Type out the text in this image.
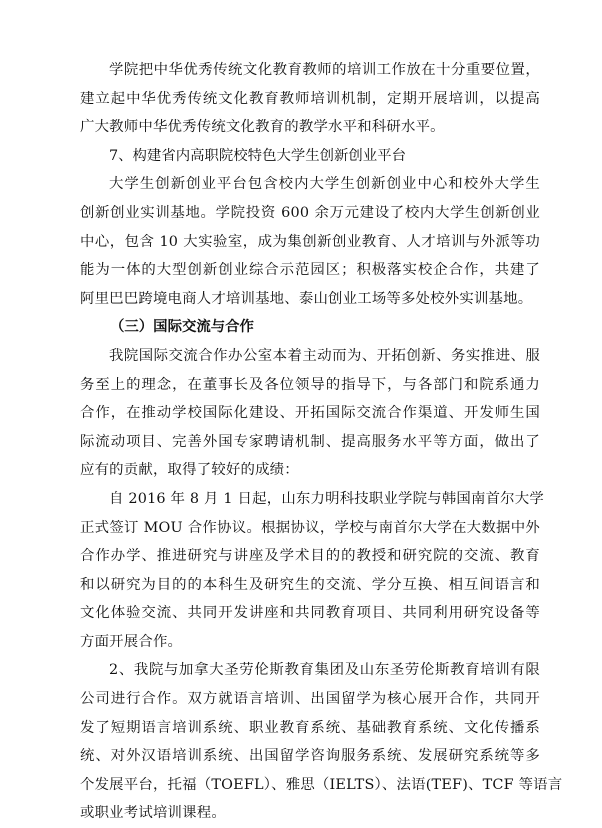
学院把中华优秀传统文化教育教师的培训工作放在十分重要位置，
建立起中华优秀传统文化教育教师培训机制，定期开展培训，以提高
广大教师中华优秀传统文化教育的教学水平和科研水平。

7、构建省内高职院校特色大学生创新创业平台

大学生创新创业平台包含校内大学生创新创业中心和校外大学生
创新创业实训基地。学院投资 600 余万元建设了校内大学生创新创业
中心，包含 10 大实验室，成为集创新创业教育、人才培训与外派等功
能为一体的大型创新创业综合示范园区；积极落实校企合作，共建了
阿里巴巴跨境电商人才培训基地、泰山创业工场等多处校外实训基地。

（三）国际交流与合作

我院国际交流合作办公室本着主动而为、开拓创新、务实推进、服
务至上的理念，在董事长及各位领导的指导下，与各部门和院系通力
合作，在推动学校国际化建设、开拓国际交流合作渠道、开发师生国
际流动项目、完善外国专家聘请机制、提高服务水平等方面，做出了
应有的贡献，取得了较好的成绩：

自 2016 年 8 月 1 日起，山东力明科技职业学院与韩国南首尔大学
正式签订 MOU 合作协议。根据协议，学校与南首尔大学在大数据中外
合作办学、推进研究与讲座及学术目的的教授和研究院的交流、教育
和以研究为目的的本科生及研究生的交流、学分互换、相互间语言和
文化体验交流、共同开发讲座和共同教育项目、共同利用研究设备等
方面开展合作。

2、我院与加拿大圣劳伦斯教育集团及山东圣劳伦斯教育培训有限
公司进行合作。双方就语言培训、出国留学为核心展开合作，共同开
发了短期语言培训系统、职业教育系统、基础教育系统、文化传播系
统、对外汉语培训系统、出国留学咨询服务系统、发展研究系统等多
个发展平台，托福（TOEFL）、雅思（IELTS）、法语(TEF)、TCF 等语言
或职业考试培训课程。
